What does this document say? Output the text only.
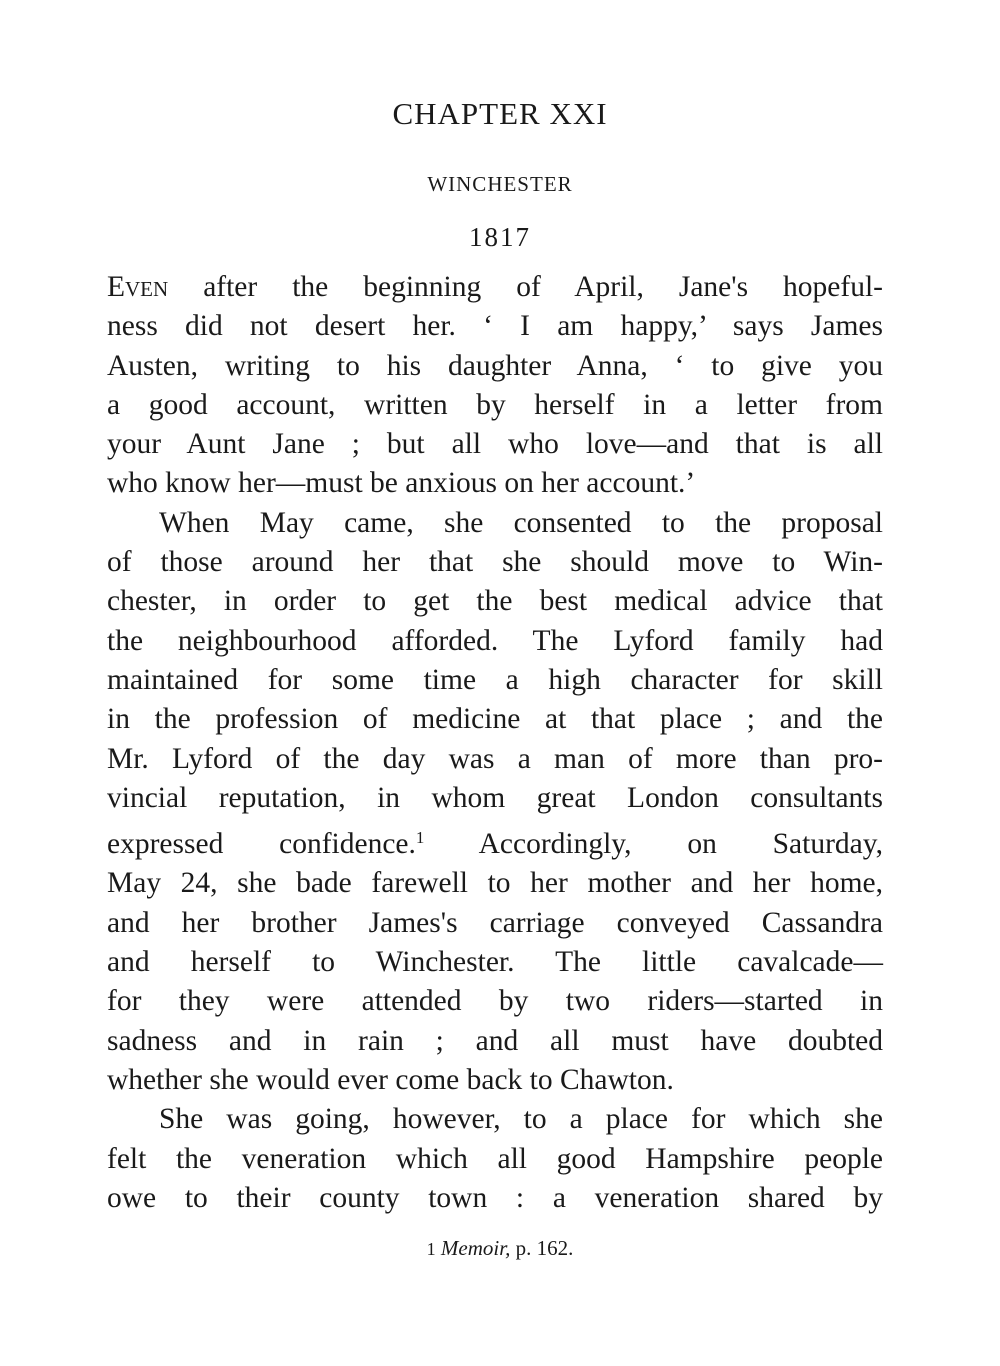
CHAPTER XXI
WINCHESTER
1817
Even after the beginning of April, Jane's hopeful-
ness did not desert her. ‘ I am happy,’ says James
Austen, writing to his daughter Anna, ‘ to give you
a good account, written by herself in a letter from
your Aunt Jane ; but all who love—and that is all
who know her—must be anxious on her account.’
When May came, she consented to the proposal
of those around her that she should move to Win-
chester, in order to get the best medical advice that
the neighbourhood afforded. The Lyford family had
maintained for some time a high character for skill
in the profession of medicine at that place ; and the
Mr. Lyford of the day was a man of more than pro-
vincial reputation, in whom great London consultants
expressed confidence.$^1$ Accordingly, on Saturday,
May 24, she bade farewell to her mother and her home,
and her brother James's carriage conveyed Cassandra
and herself to Winchester. The little cavalcade—
for they were attended by two riders—started in
sadness and in rain ; and all must have doubted
whether she would ever come back to Chawton.
She was going, however, to a place for which she
felt the veneration which all good Hampshire people
owe to their county town : a veneration shared by
1 Memoir, p. 162.
